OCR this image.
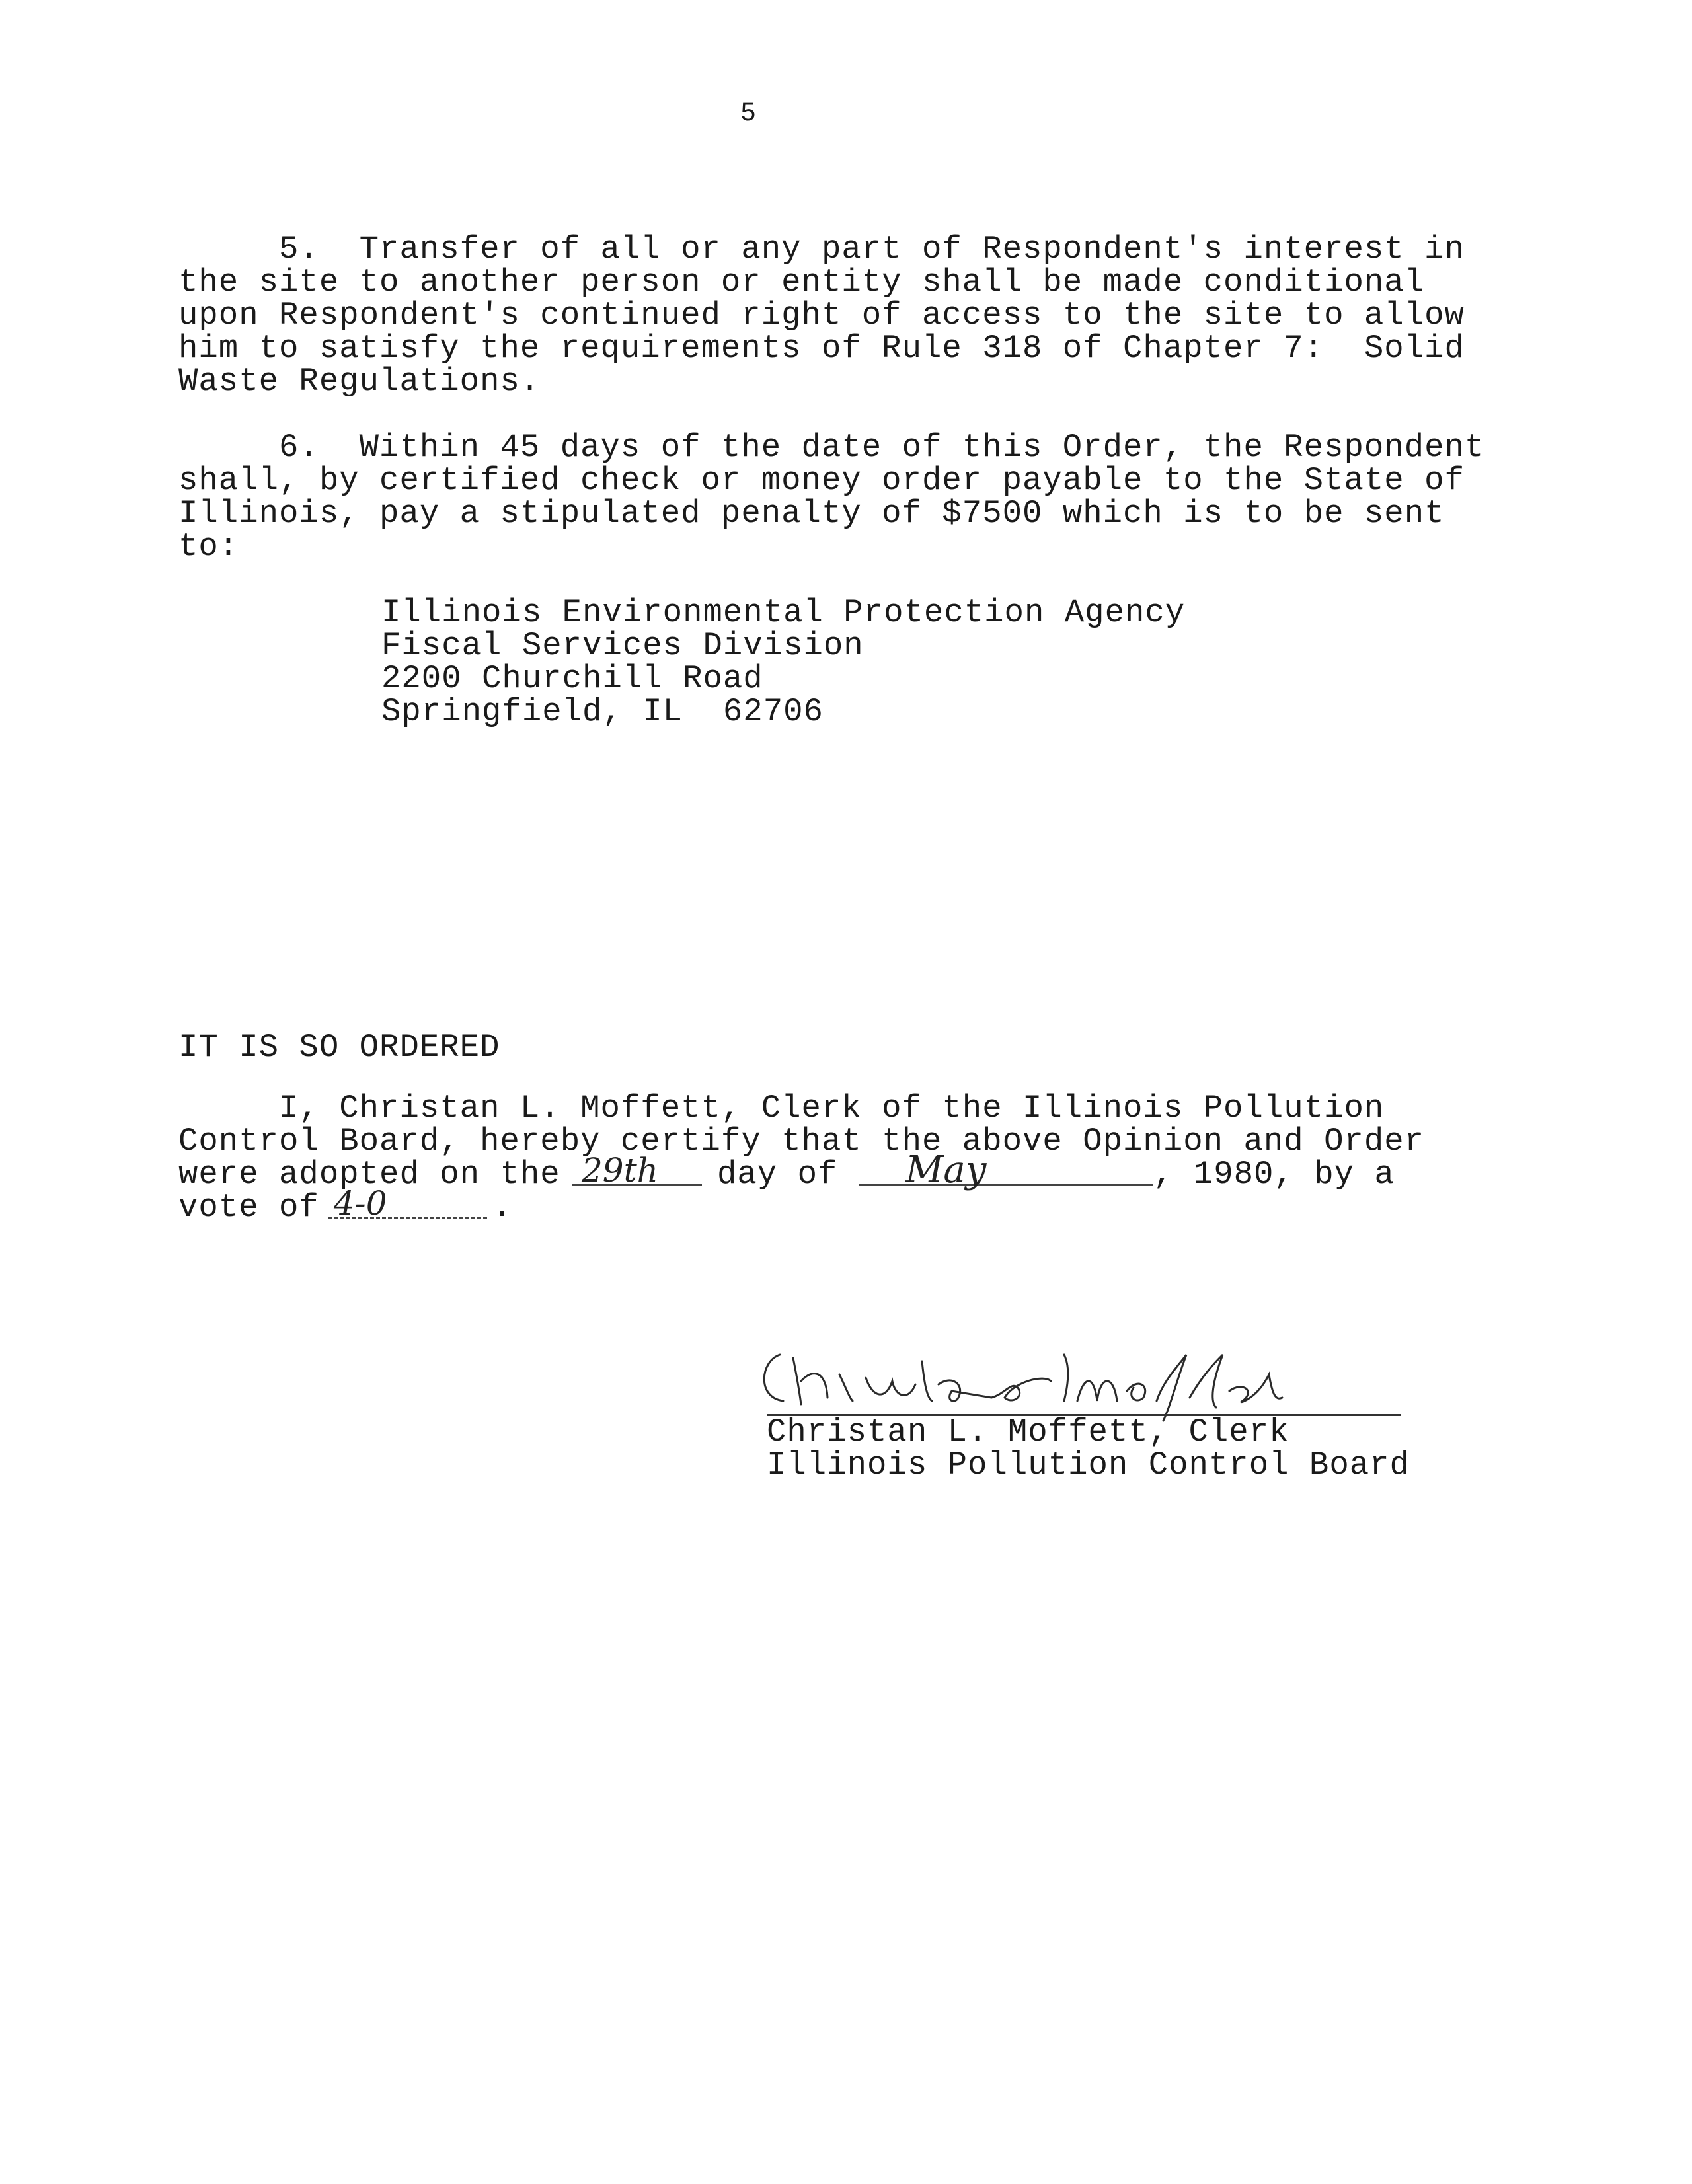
5
5.  Transfer of all or any part of Respondent's interest in
the site to another person or entity shall be made conditional
upon Respondent's continued right of access to the site to allow
him to satisfy the requirements of Rule 318 of Chapter 7:  Solid
Waste Regulations.
6.  Within 45 days of the date of this Order, the Respondent
shall, by certified check or money order payable to the State of
Illinois, pay a stipulated penalty of $7500 which is to be sent
to:
Illinois Environmental Protection Agency
Fiscal Services Division
2200 Churchill Road
Springfield, IL  62706
IT IS SO ORDERED
I, Christan L. Moffett, Clerk of the Illinois Pollution
Control Board, hereby certify that the above Opinion and Order
were adopted on the 29th day of May	, 1980, by a
vote of 4-0	.
Christan L. Moffett, Clerk
Illinois Pollution Control Board
